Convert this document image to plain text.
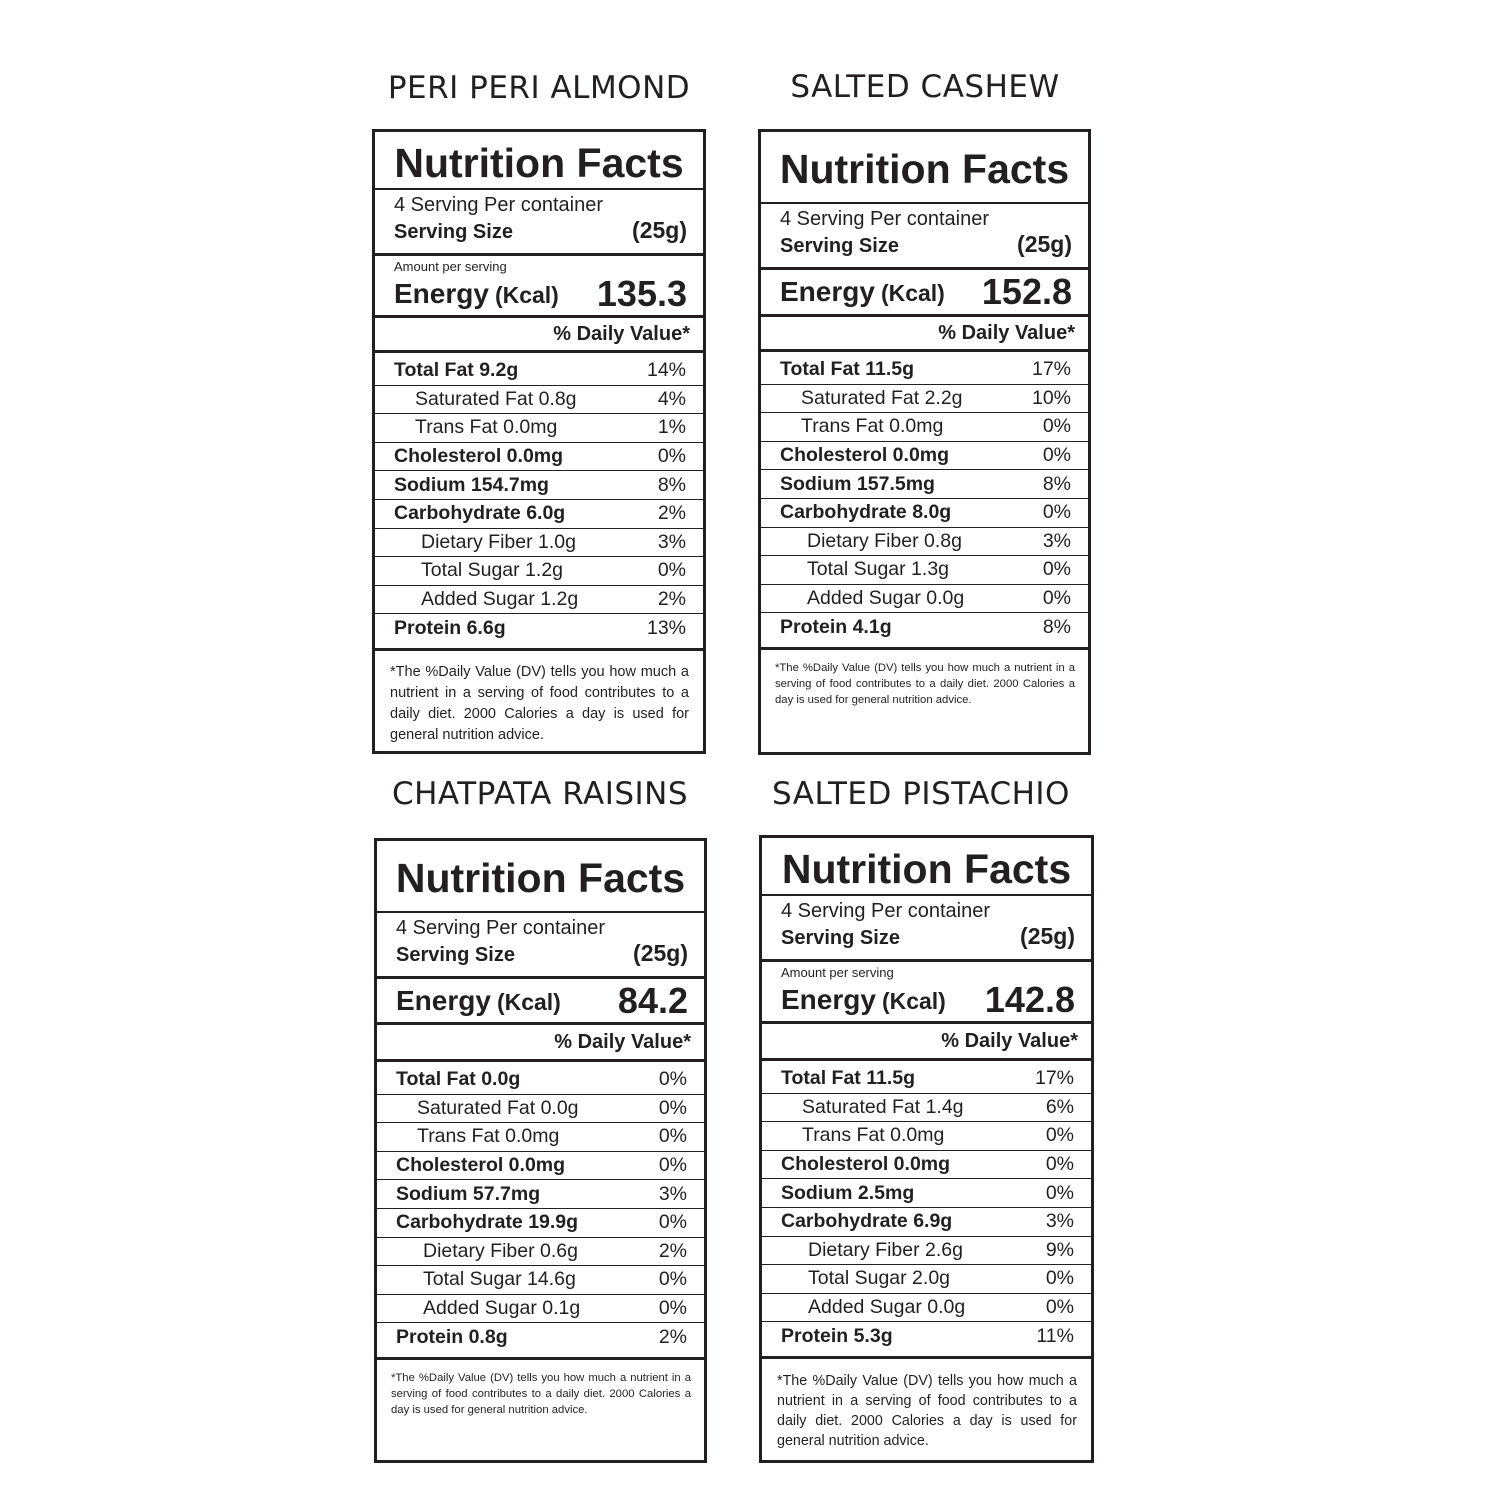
PERI PERI ALMOND
Nutrition Facts
4 Serving Per container
Serving Size	(25g)
Amount per serving
Energy (Kcal) 135.3
% Daily Value*
Total Fat 9.2g	14%
Saturated Fat 0.8g	4%
Trans Fat 0.0mg	1%
Cholesterol 0.0mg	0%
Sodium 154.7mg	8%
Carbohydrate 6.0g	2%
Dietary Fiber 1.0g	3%
Total Sugar 1.2g	0%
Added Sugar 1.2g	2%
Protein 6.6g	13%
*The %Daily Value (DV) tells you how much a nutrient in a serving of food contributes to a daily diet. 2000 Calories a day is used for general nutrition advice.
SALTED CASHEW
Nutrition Facts
4 Serving Per container
Serving Size	(25g)
Energy (Kcal) 152.8
% Daily Value*
Total Fat 11.5g	17%
Saturated Fat 2.2g	10%
Trans Fat 0.0mg	0%
Cholesterol 0.0mg	0%
Sodium 157.5mg	8%
Carbohydrate 8.0g	0%
Dietary Fiber 0.8g	3%
Total Sugar 1.3g	0%
Added Sugar 0.0g	0%
Protein 4.1g	8%
*The %Daily Value (DV) tells you how much a nutrient in a serving of food contributes to a daily diet. 2000 Calories a day is used for general nutrition advice.
CHATPATA RAISINS
Nutrition Facts
4 Serving Per container
Serving Size	(25g)
Energy (Kcal) 84.2
% Daily Value*
Total Fat 0.0g	0%
Saturated Fat 0.0g	0%
Trans Fat 0.0mg	0%
Cholesterol 0.0mg	0%
Sodium 57.7mg	3%
Carbohydrate 19.9g	0%
Dietary Fiber 0.6g	2%
Total Sugar 14.6g	0%
Added Sugar 0.1g	0%
Protein 0.8g	2%
*The %Daily Value (DV) tells you how much a nutrient in a serving of food contributes to a daily diet. 2000 Calories a day is used for general nutrition advice.
SALTED PISTACHIO
Nutrition Facts
4 Serving Per container
Serving Size	(25g)
Amount per serving
Energy (Kcal) 142.8
% Daily Value*
Total Fat 11.5g	17%
Saturated Fat 1.4g	6%
Trans Fat 0.0mg	0%
Cholesterol 0.0mg	0%
Sodium 2.5mg	0%
Carbohydrate 6.9g	3%
Dietary Fiber 2.6g	9%
Total Sugar 2.0g	0%
Added Sugar 0.0g	0%
Protein 5.3g	11%
*The %Daily Value (DV) tells you how much a nutrient in a serving of food contributes to a daily diet. 2000 Calories a day is used for general nutrition advice.
